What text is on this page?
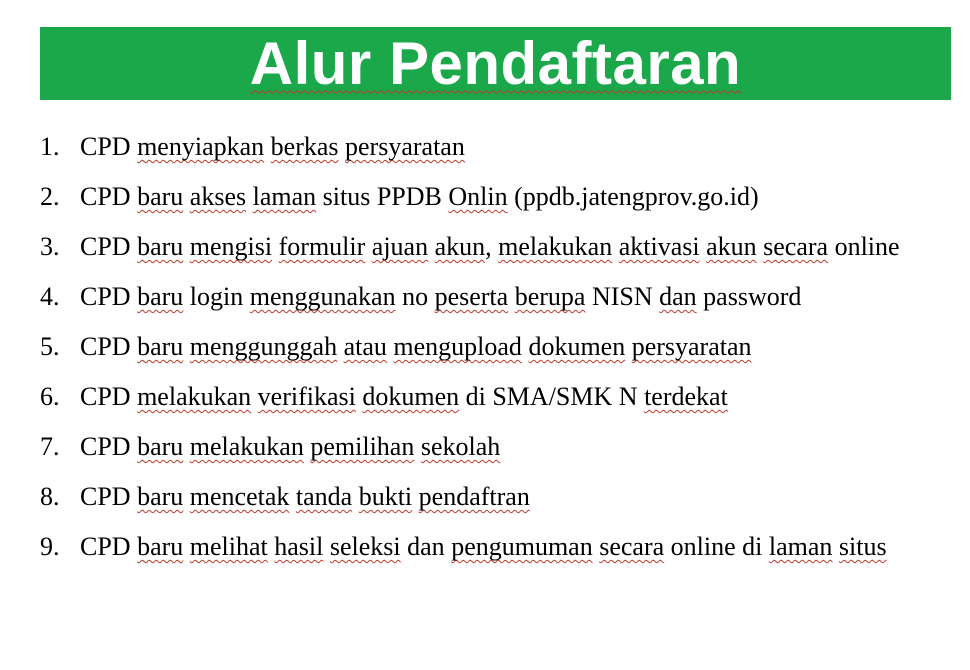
Alur Pendaftaran
1. CPD menyiapkan berkas persyaratan
2. CPD baru akses laman situs PPDB Onlin (ppdb.jatengprov.go.id)
3. CPD baru mengisi formulir ajuan akun, melakukan aktivasi akun secara online
4. CPD baru login menggunakan no peserta berupa NISN dan password
5. CPD baru menggunggah atau mengupload dokumen persyaratan
6. CPD melakukan verifikasi dokumen di SMA/SMK N terdekat
7. CPD baru melakukan pemilihan sekolah
8. CPD baru mencetak tanda bukti pendaftran
9. CPD baru melihat hasil seleksi dan pengumuman secara online di laman situs
